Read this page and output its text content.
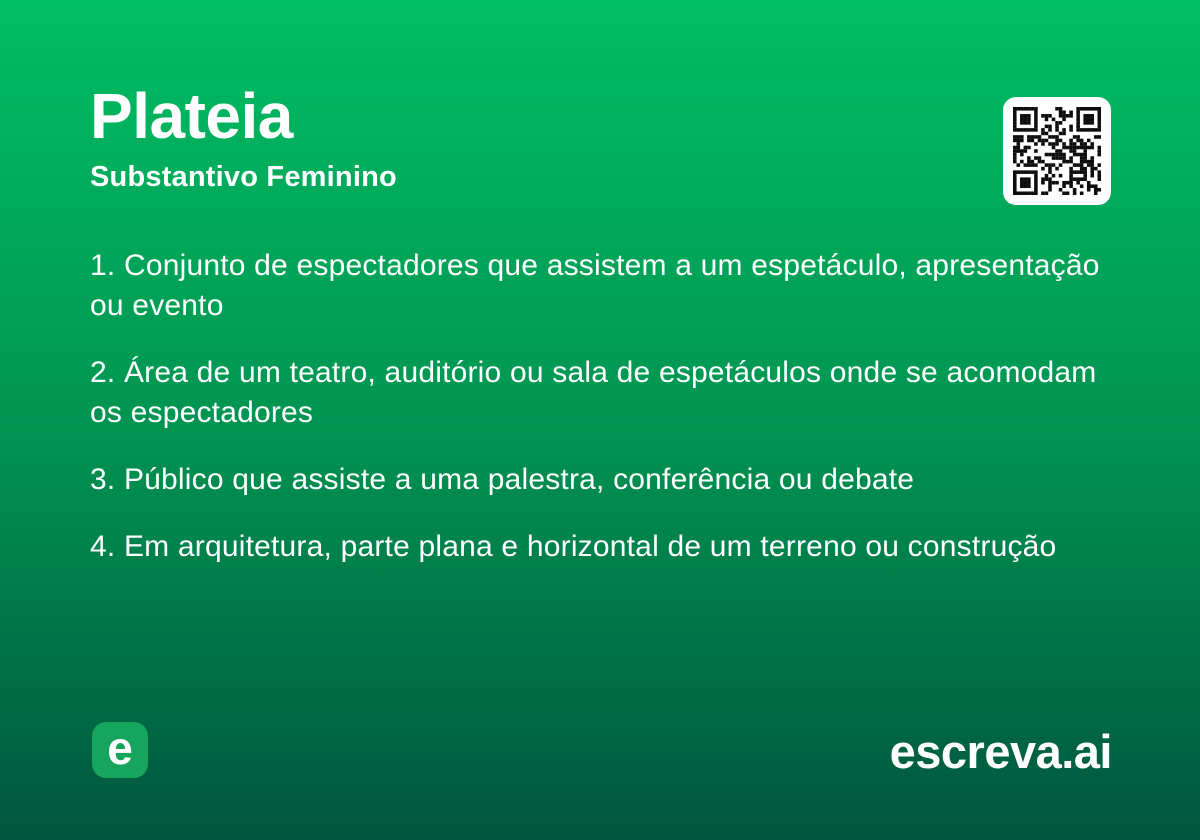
Plateia
Substantivo Feminino

1. Conjunto de espectadores que assistem a um espetáculo, apresentação ou evento

2. Área de um teatro, auditório ou sala de espetáculos onde se acomodam os espectadores

3. Público que assiste a uma palestra, conferência ou debate

4. Em arquitetura, parte plana e horizontal de um terreno ou construção

e	escreva.ai
